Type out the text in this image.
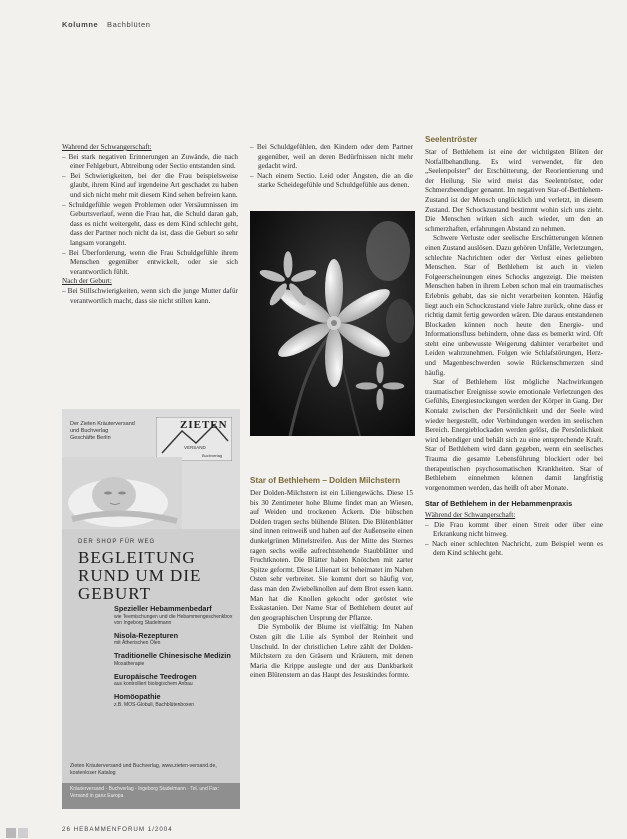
Kolumne Bachblüten

Wahrend der Schwangerschaft:

– Bei stark negativen Erinnerungen an Zuwände, die nach einer Fehlgeburt, Abtreibung oder Sectio entstanden sind.

– Bei Schwierigkeiten, bei der die Frau beispielsweise glaubt, ihrem Kind auf irgendeine Art geschadet zu haben und sich nicht mehr mit diesem Kind sehen befreien kann.

– Schuldgefühle wegen Problemen oder Versäumnissen im Geburtsverlauf, wenn die Frau hat, die Schuld daran gab, dass es nicht weitergeht, dass es dem Kind schlecht geht, dass der Partner noch nicht da ist, dass die Geburt so sehr langsam vorangeht.

– Bei Überforderung, wenn die Frau Schuldgefühle ihrem Menschen gegenüber entwickelt, oder sie sich verantwortlich fühlt.

Nach der Geburt:

– Bei Stillschwierigkeiten, wenn sich die junge Mutter dafür verantwortlich macht, dass sie nicht stillen kann.

– Bei Schuldgefühlen, den Kindern oder dem Partner gegenüber, weil an deren Bedürfnissen nicht mehr gedacht wird.

– Nach einem Sectio. Leid oder Ängsten, die an die starke Scheidegefühle und Schuldgefühle aus denen.

Star of Bethlehem – Dolden Milchstern

Der Dolden-Milchstern ist ein Liliengewächs. Diese 15 bis 30 Zentimeter hohe Blume findet man an Wiesen, auf Weiden und trockenen Äckern. Die hübschen Dolden tragen sechs blühende Blüten. Die Blütenblätter sind innen reinweiß und haben auf der Außenseite einen dunkelgrünen Mittelstreifen. Aus der Mitte des Sternes ragen sechs weiße aufrechtstehende Staubblätter und Fruchtknoten. Die Blätter haben Knötchen mit zarter Spitze geformt. Diese Lilienart ist beheimatet im Nahen Osten sehr verbreitet. Sie kommt dort so häufig vor, dass man den Zwiebelknollen auf dem Brot essen kann. Man hat die Knollen gekocht oder geröstet wie Esskastanien. Der Name Star of Bethlehem deutet auf den geographischen Ursprung der Pflanze.

Die Symbolik der Blume ist vielfältig: Im Nahen Osten gilt die Lilie als Symbol der Reinheit und Unschuld. In der christlichen Lehre zählt der Dolden-Milchstern zu den Gräsern und Kräutern, mit denen Maria die Krippe auslegte und der aus Dankbarkeit einen Blütenstern an das Haupt des Jesuskindes formte.

Seelentröster

Star of Bethlehem ist eine der wichtigsten Blüten der Notfallbehandlung. Es wird verwendet, für den „Seelenpolster” der Erschütterung, der Reorientierung und der Heilung. Sie wird meist das Seelentröster, oder Schmerzbeendiger genannt. Im negativen Star-of-Bethlehem-Zustand ist der Mensch unglücklich und verletzt, in diesem Zustand. Der Schockzustand bestimmt wohin sich uns zieht. Die Menschen wirken sich auch wieder, um den an schmerzhaften, erfahrungen Abstand zu nehmen.

Schwere Verluste oder seelische Erschütterungen können einen Zustand auslösen. Dazu gehören Unfälle, Verletzungen, schlechte Nachrichten oder der Verlust eines geliebten Menschen. Star of Bethlehem ist auch in vielen Folgeerscheinungen eines Schocks angezeigt. Die meisten Menschen haben in ihrem Leben schon mal ein traumatisches Erlebnis gehabt, das sie nicht verarbeiten konnten. Häufig liegt auch ein Schockzustand viele Jahre zurück, ohne dass er richtig damit fertig geworden wären. Die daraus entstandenen Blockaden können noch heute den Energie- und Informationsfluss behindern, ohne dass es bemerkt wird. Oft steht eine unbewusste Weigerung dahinter verarbeitet und Leiden wahrzunehmen. Folgen wie Schlafstörungen, Herz- und Magenbeschwerden sowie Rückenschmerzen sind häufig.

Star of Bethlehem löst mögliche Nachwirkungen traumatischer Ereignisse sowie emotionale Verletzungen des Gefühls, Energiestockungen werden der Körper in Gang. Der Kontakt zwischen der Persönlichkeit und der Seele wird wieder hergestellt, oder Verbindungen werden im seelischen Bereich. Energieblockaden werden gelöst, die Persönlichkeit wird lebendiger und behält sich zu eine entsprechende Kraft. Star of Bethlehem wird dann gegeben, wenn ein seelisches Trauma die gesamte Lebensführung blockiert oder bei therapeutischen psychosomatischen Krankheiten. Star of Bethlehem einnehmen können damit langfristig vorgenommen werden, das heißt oft aber Monate.

Star of Bethlehem in der Hebammenpraxis

Während der Schwangerschaft:

– Die Frau kommt über einen Streit oder über eine Erkrankung nicht hinweg.

– Nach einer schlechten Nachricht, zum Beispiel wenn es dem Kind schlecht geht.

Der Zieten Kräuterversand
und Buchverlag
Geschäfte Berlin
ZIETEN
VERSAND
Buchverlag
DER SHOP FÜR WEG
BEGLEITUNG RUND UM DIE GEBURT
Spezieller Hebammenbedarf
wie Teemischungen und die Hebammengeschenkbox von Ingeborg Stadelmann
Nisola-Rezepturen
mit Ätherischen Ölen
Traditionelle Chinesische Medizin
Moxatherapie
Europäische Teedrogen
aus kontrolliert biologischem Anbau
Homöopathie
z.B. MOS-Globuli, Bachblütenboxen
Zieten Kräuterversand und Buchverlag, www.zieten-versand.de, kostenloser Katalog
Kräuterversand · Buchverlag · Ingeborg Stadelmann · Tel. und Fax: Versand in ganz Europa
26 HEBAMMENFORUM 1/2004
